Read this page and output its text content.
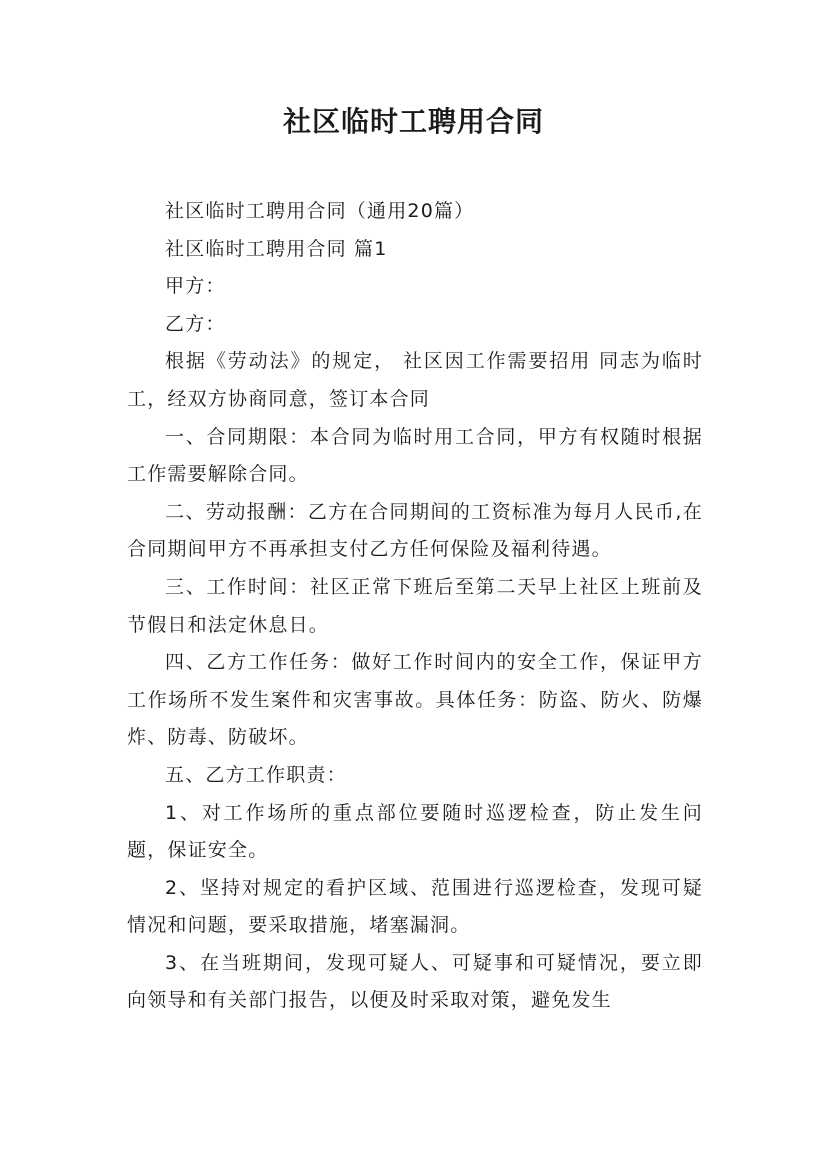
社区临时工聘用合同

社区临时工聘用合同（通用20篇）

社区临时工聘用合同 篇1

甲方：

乙方：

根据《劳动法》的规定， 社区因工作需要招用 同志为临时工，经双方协商同意，签订本合同

一、合同期限：本合同为临时用工合同，甲方有权随时根据工作需要解除合同。

二、劳动报酬：乙方在合同期间的工资标准为每月人民币,在合同期间甲方不再承担支付乙方任何保险及福利待遇。

三、工作时间：社区正常下班后至第二天早上社区上班前及节假日和法定休息日。

四、乙方工作任务：做好工作时间内的安全工作，保证甲方工作场所不发生案件和灾害事故。具体任务：防盗、防火、防爆炸、防毒、防破坏。

五、乙方工作职责：

1、对工作场所的重点部位要随时巡逻检查，防止发生问题，保证安全。

2、坚持对规定的看护区域、范围进行巡逻检查，发现可疑情况和问题，要采取措施，堵塞漏洞。

3、在当班期间，发现可疑人、可疑事和可疑情况，要立即向领导和有关部门报告，以便及时采取对策，避免发生
